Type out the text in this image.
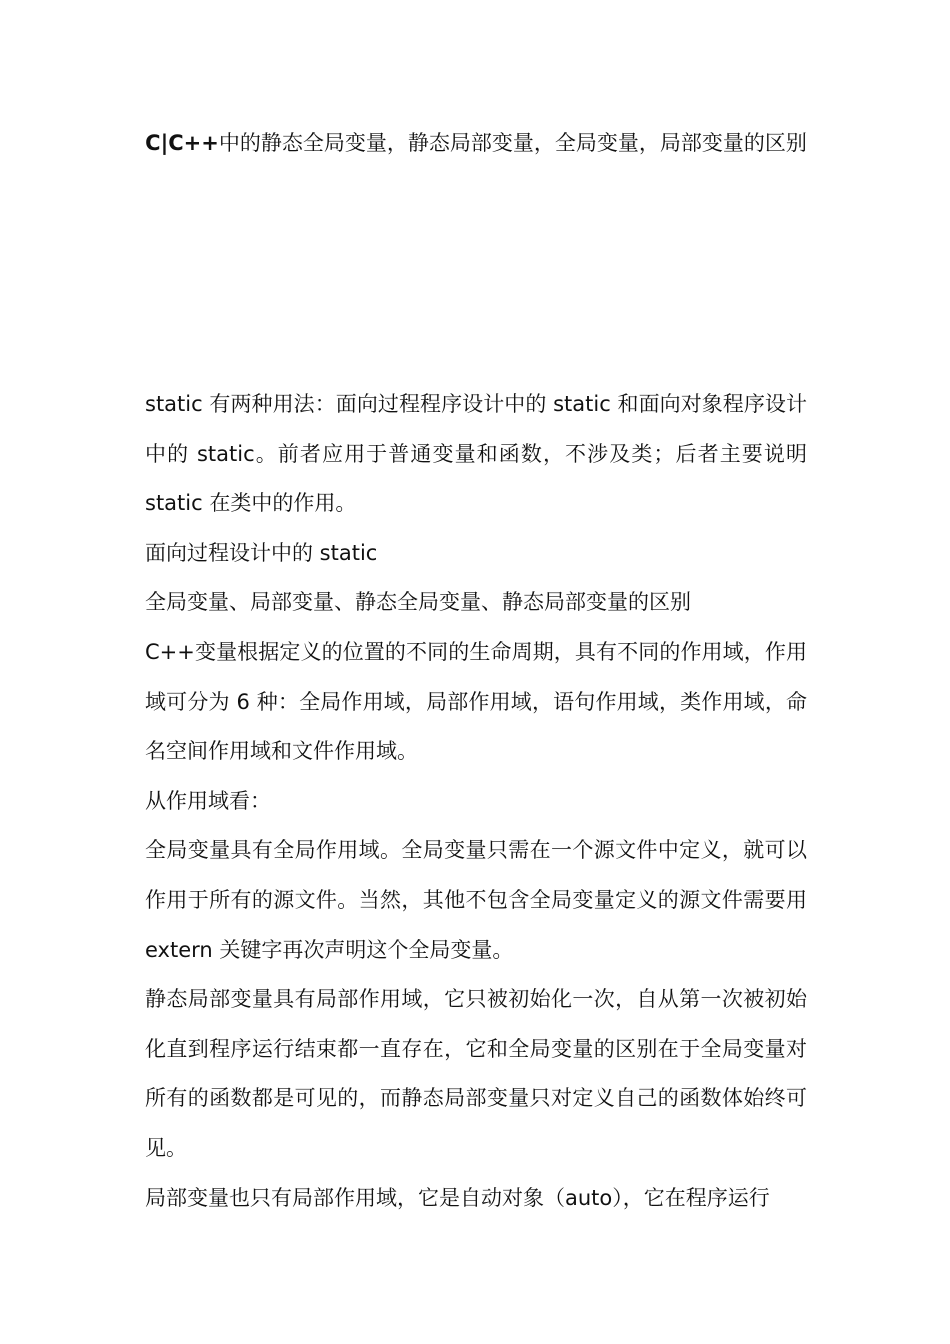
C|C++中的静态全局变量，静态局部变量，全局变量，局部变量的区别

static 有两种用法：面向过程程序设计中的 static 和面向对象程序设计中的 static。前者应用于普通变量和函数，不涉及类；后者主要说明 static 在类中的作用。

面向过程设计中的 static

全局变量、局部变量、静态全局变量、静态局部变量的区别

C++变量根据定义的位置的不同的生命周期，具有不同的作用域，作用域可分为 6 种：全局作用域，局部作用域，语句作用域，类作用域，命名空间作用域和文件作用域。

从作用域看：

全局变量具有全局作用域。全局变量只需在一个源文件中定义，就可以作用于所有的源文件。当然，其他不包含全局变量定义的源文件需要用 extern 关键字再次声明这个全局变量。

静态局部变量具有局部作用域，它只被初始化一次，自从第一次被初始化直到程序运行结束都一直存在，它和全局变量的区别在于全局变量对所有的函数都是可见的，而静态局部变量只对定义自己的函数体始终可见。

局部变量也只有局部作用域，它是自动对象（auto），它在程序运行
